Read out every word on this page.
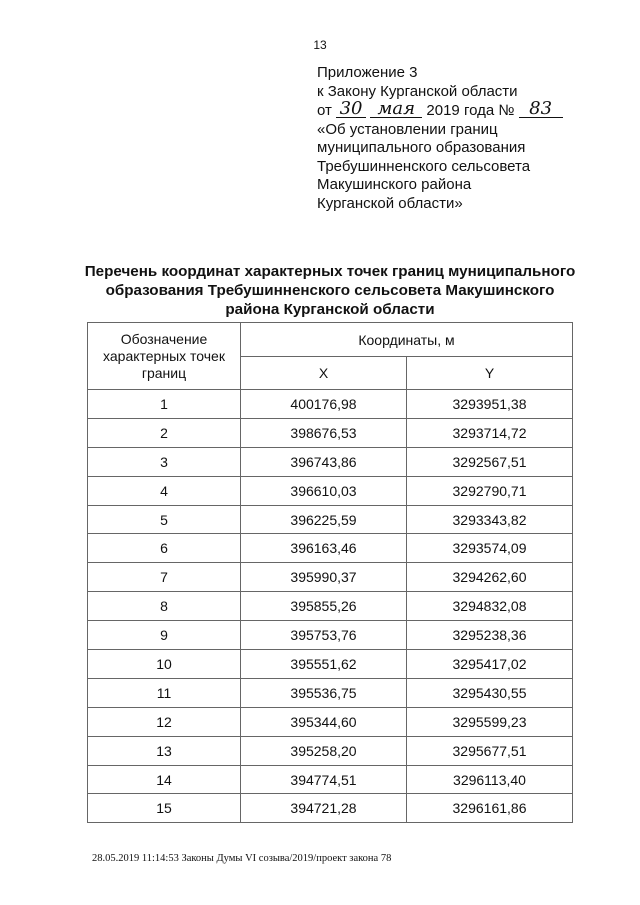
13
Приложение 3
к Закону Курганской области
от 30 мая 2019 года № 83
«Об установлении границ
муниципального образования
Требушинненского сельсовета
Макушинского района
Курганской области»
Перечень координат характерных точек границ муниципального
образования Требушинненского сельсовета Макушинского
района Курганской области
Обозначение характерных точек границ	Координаты, м	
	X	Y
1	400176,98	3293951,38
2	398676,53	3293714,72
3	396743,86	3292567,51
4	396610,03	3292790,71
5	396225,59	3293343,82
6	396163,46	3293574,09
7	395990,37	3294262,60
8	395855,26	3294832,08
9	395753,76	3295238,36
10	395551,62	3295417,02
11	395536,75	3295430,55
12	395344,60	3295599,23
13	395258,20	3295677,51
14	394774,51	3296113,40
15	394721,28	3296161,86
28.05.2019 11:14:53 Законы Думы VI созыва/2019/проект закона 78
